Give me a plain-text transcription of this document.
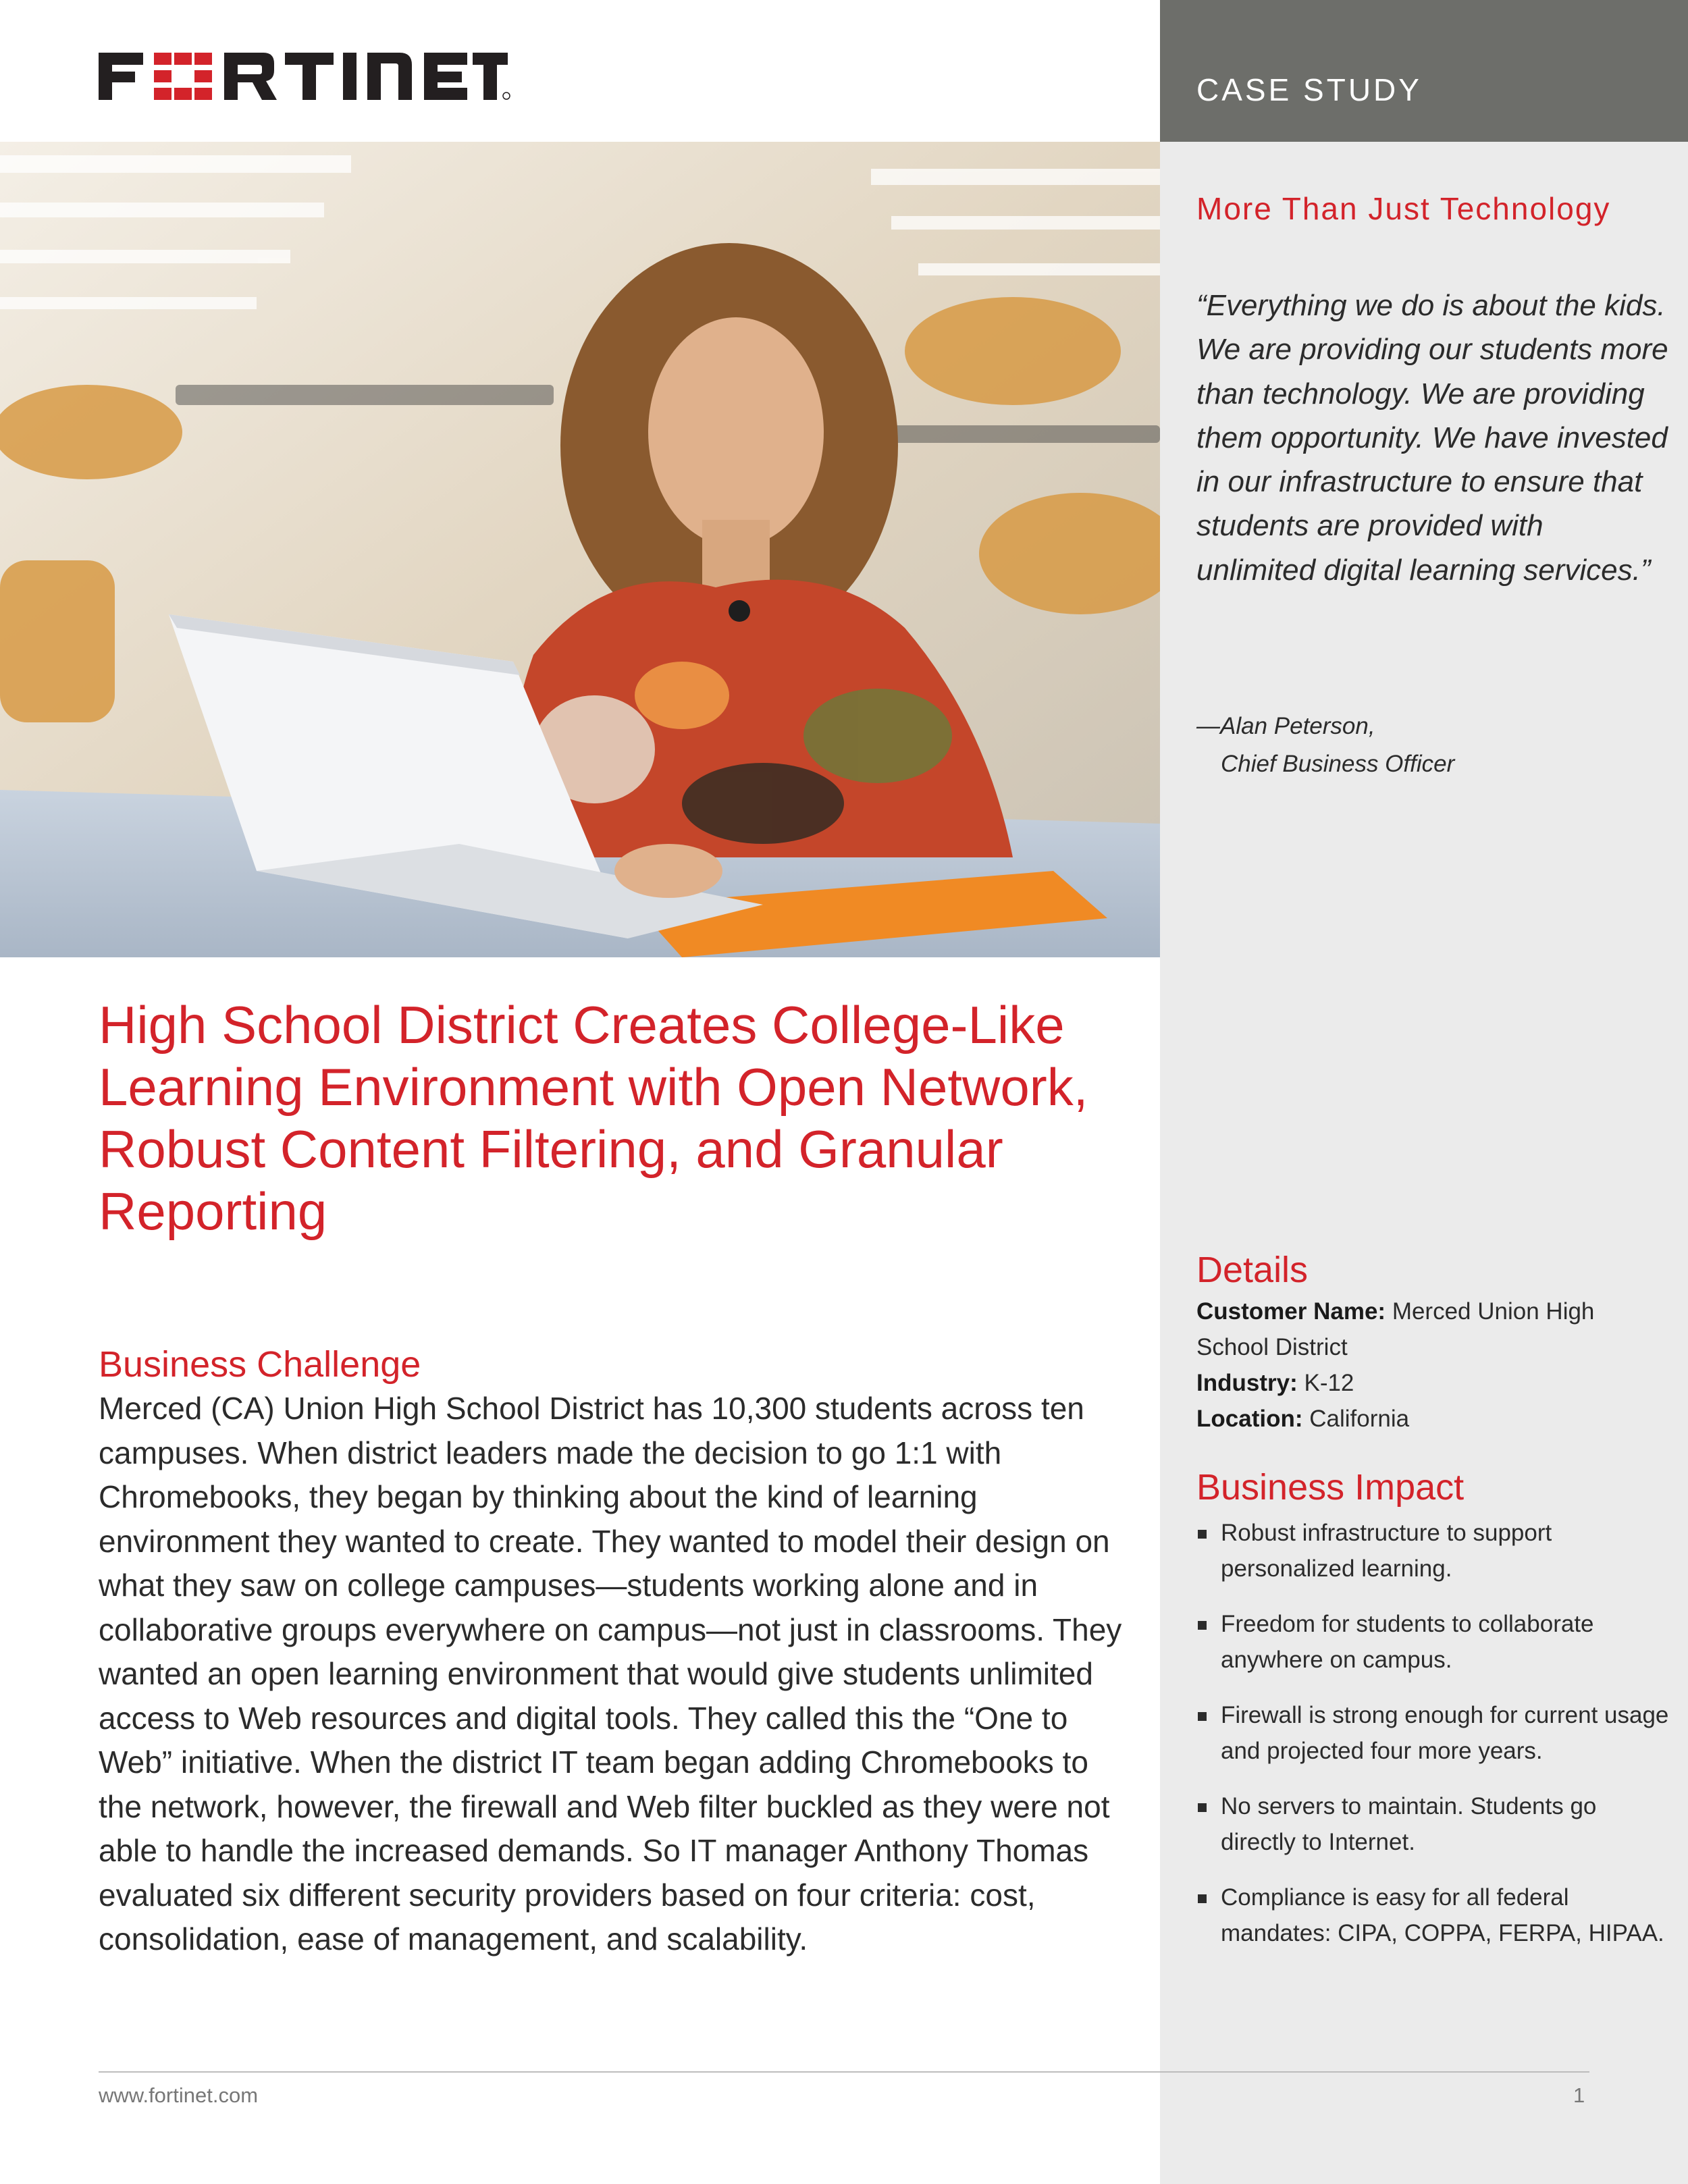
CASE STUDY
High School District Creates College-Like Learning Environment with Open Network, Robust Content Filtering, and Granular Reporting
Business Challenge

Merced (CA) Union High School District has 10,300 students across ten campuses. When district leaders made the decision to go 1:1 with Chromebooks, they began by thinking about the kind of learning environment they wanted to create. They wanted to model their design on what they saw on college campuses—students working alone and in collaborative groups everywhere on campus—not just in classrooms. They wanted an open learning environment that would give students unlimited access to Web resources and digital tools. They called this the “One to Web” initiative. When the district IT team began adding Chromebooks to the network, however, the firewall and Web filter buckled as they were not able to handle the increased demands. So IT manager Anthony Thomas evaluated six different security providers based on four criteria: cost, consolidation, ease of management, and scalability.

More Than Just Technology

“Everything we do is about the kids. We are providing our students more than technology. We are providing them opportunity. We have invested in our infrastructure to ensure that students are provided with unlimited digital learning services.”

—Alan Peterson,
Chief Business Officer
Details
Customer Name: Merced Union High School District
Industry: K-12
Location: California
Business Impact
Robust infrastructure to support personalized learning.
Freedom for students to collaborate anywhere on campus.
Firewall is strong enough for current usage and projected four more years.
No servers to maintain. Students go directly to Internet.
Compliance is easy for all federal mandates: CIPA, COPPA, FERPA, HIPAA.
www.fortinet.com	1
